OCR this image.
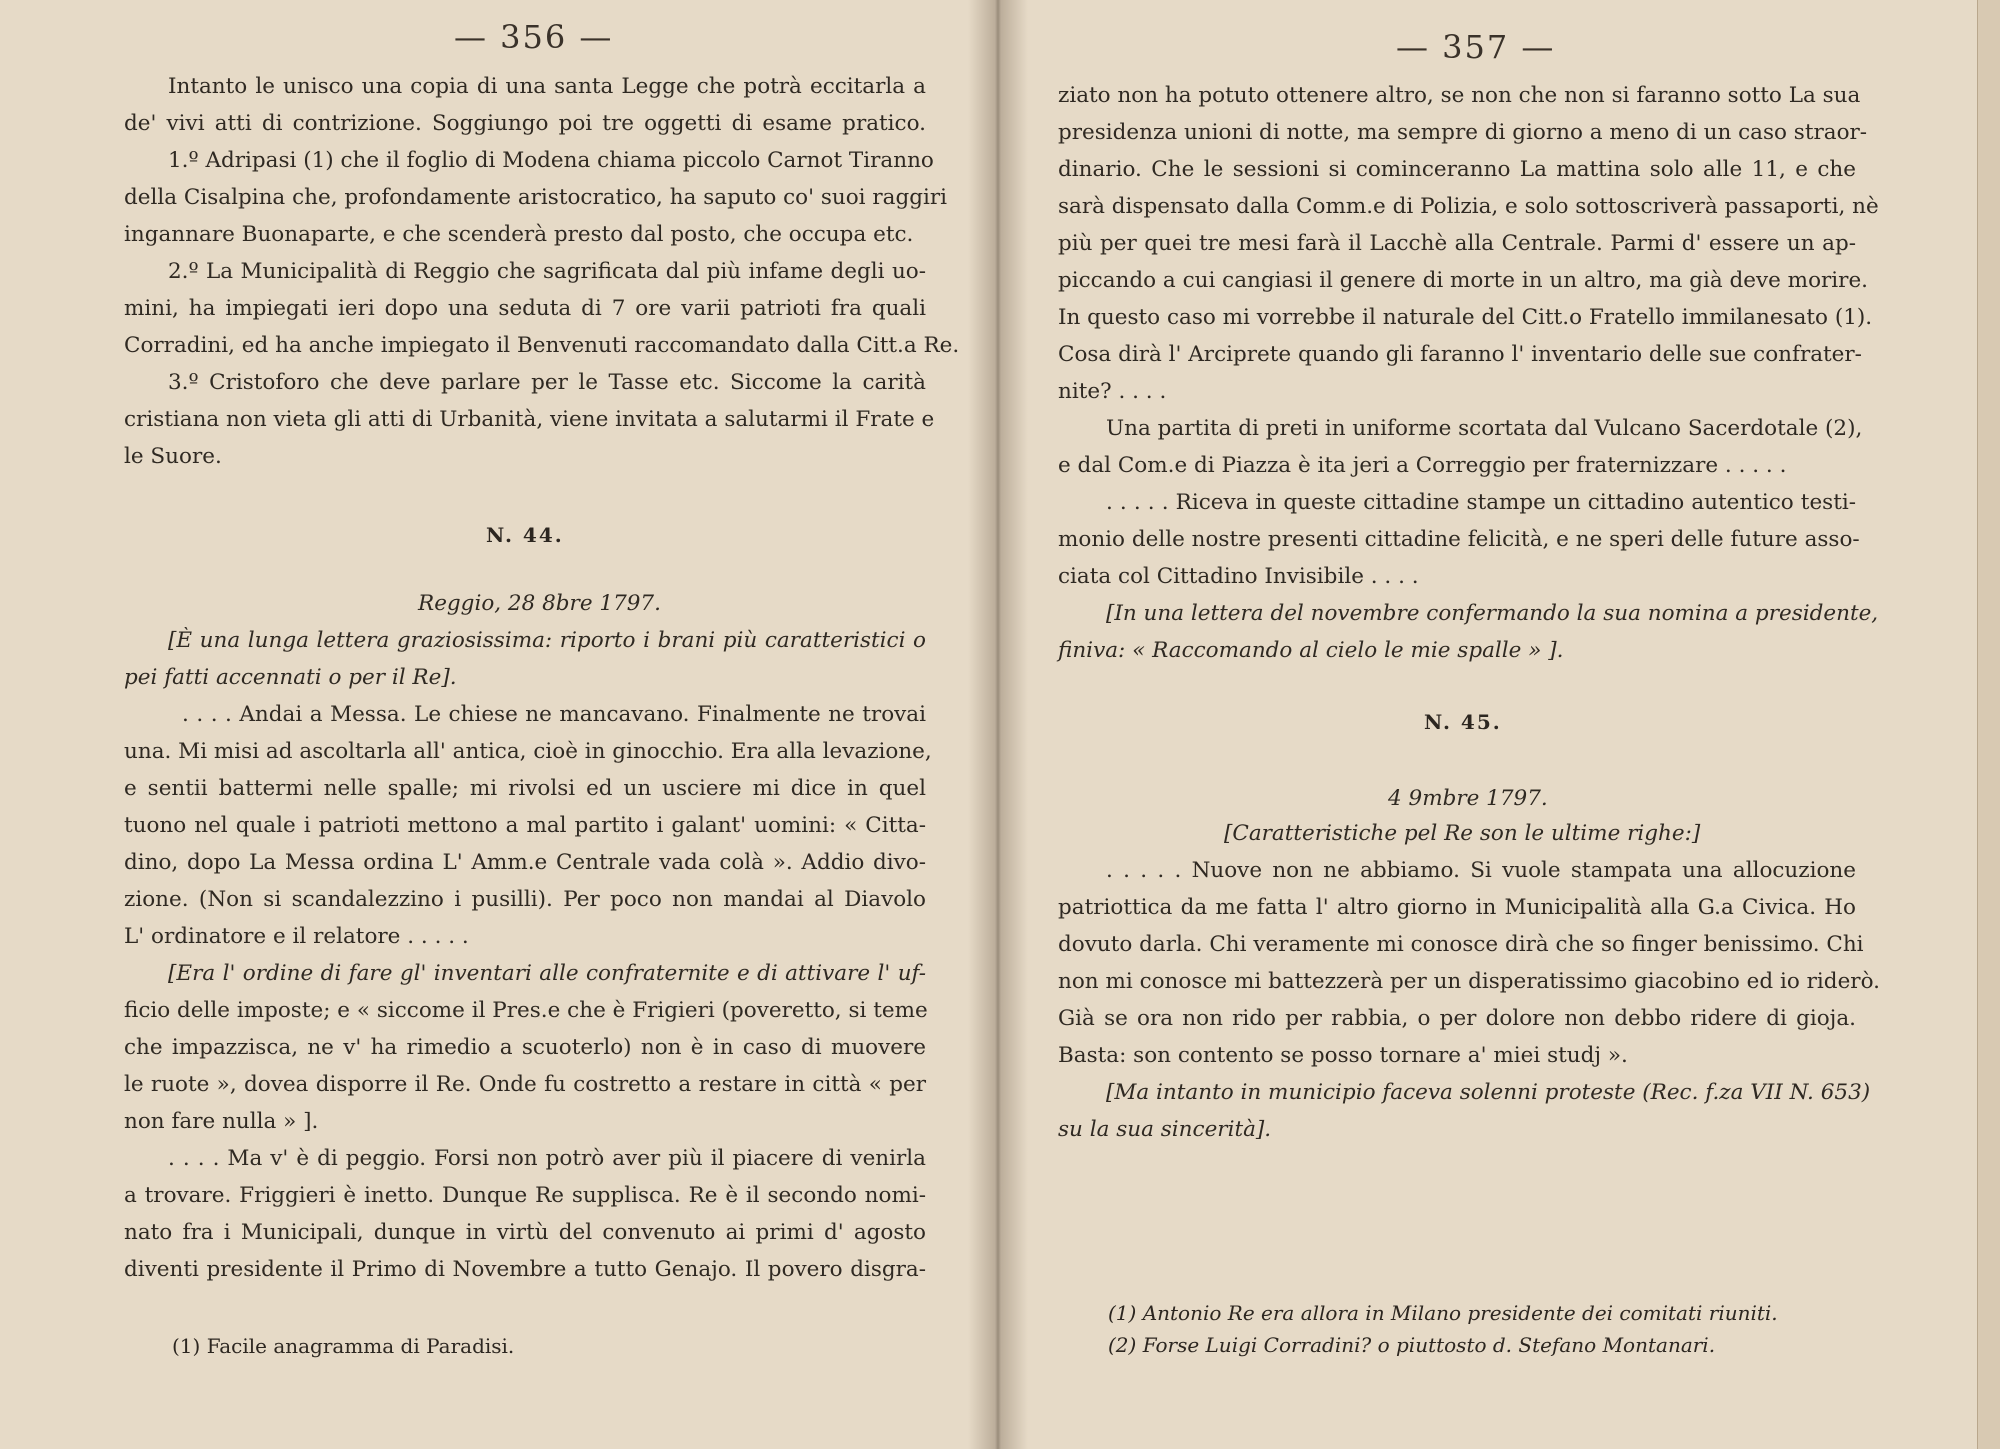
— 356 —
Intanto le unisco una copia di una santa Legge che potrà eccitarla a
de' vivi atti di contrizione. Soggiungo poi tre oggetti di esame pratico.
1.º Adripasi (1) che il foglio di Modena chiama piccolo Carnot Tiranno
della Cisalpina che, profondamente aristocratico, ha saputo co' suoi raggiri
ingannare Buonaparte, e che scenderà presto dal posto, che occupa etc.
2.º La Municipalità di Reggio che sagrificata dal più infame degli uo-
mini, ha impiegati ieri dopo una seduta di 7 ore varii patrioti fra quali
Corradini, ed ha anche impiegato il Benvenuti raccomandato dalla Citt.a Re.
3.º Cristoforo che deve parlare per le Tasse etc. Siccome la carità
cristiana non vieta gli atti di Urbanità, viene invitata a salutarmi il Frate e
le Suore.
N. 44.
Reggio, 28 8bre 1797.
[È una lunga lettera graziosissima: riporto i brani più caratteristici o
pei fatti accennati o per il Re].
. . . . Andai a Messa. Le chiese ne mancavano. Finalmente ne trovai
una. Mi misi ad ascoltarla all' antica, cioè in ginocchio. Era alla levazione,
e sentii battermi nelle spalle; mi rivolsi ed un usciere mi dice in quel
tuono nel quale i patrioti mettono a mal partito i galant' uomini: « Citta-
dino, dopo La Messa ordina L' Amm.e Centrale vada colà ». Addio divo-
zione. (Non si scandalezzino i pusilli). Per poco non mandai al Diavolo
L' ordinatore e il relatore . . . . .
[Era l' ordine di fare gl' inventari alle confraternite e di attivare l' uf-
ficio delle imposte; e « siccome il Pres.e che è Frigieri (poveretto, si teme
che impazzisca, ne v' ha rimedio a scuoterlo) non è in caso di muovere
le ruote », dovea disporre il Re. Onde fu costretto a restare in città « per
non fare nulla » ].
. . . . Ma v' è di peggio. Forsi non potrò aver più il piacere di venirla
a trovare. Friggieri è inetto. Dunque Re supplisca. Re è il secondo nomi-
nato fra i Municipali, dunque in virtù del convenuto ai primi d' agosto
diventi presidente il Primo di Novembre a tutto Genajo. Il povero disgra-
(1) Facile anagramma di Paradisi.
— 357 —
ziato non ha potuto ottenere altro, se non che non si faranno sotto La sua
presidenza unioni di notte, ma sempre di giorno a meno di un caso straor-
dinario. Che le sessioni si cominceranno La mattina solo alle 11, e che
sarà dispensato dalla Comm.e di Polizia, e solo sottoscriverà passaporti, nè
più per quei tre mesi farà il Lacchè alla Centrale. Parmi d' essere un ap-
piccando a cui cangiasi il genere di morte in un altro, ma già deve morire.
In questo caso mi vorrebbe il naturale del Citt.o Fratello immilanesato (1).
Cosa dirà l' Arciprete quando gli faranno l' inventario delle sue confrater-
nite? . . . .
Una partita di preti in uniforme scortata dal Vulcano Sacerdotale (2),
e dal Com.e di Piazza è ita jeri a Correggio per fraternizzare . . . . .
. . . . . Riceva in queste cittadine stampe un cittadino autentico testi-
monio delle nostre presenti cittadine felicità, e ne speri delle future asso-
ciata col Cittadino Invisibile . . . .
[In una lettera del novembre confermando la sua nomina a presidente,
finiva: « Raccomando al cielo le mie spalle » ].
N. 45.
4 9mbre 1797.
[Caratteristiche pel Re son le ultime righe:]
. . . . . Nuove non ne abbiamo. Si vuole stampata una allocuzione
patriottica da me fatta l' altro giorno in Municipalità alla G.a Civica. Ho
dovuto darla. Chi veramente mi conosce dirà che so finger benissimo. Chi
non mi conosce mi battezzerà per un disperatissimo giacobino ed io riderò.
Già se ora non rido per rabbia, o per dolore non debbo ridere di gioja.
Basta: son contento se posso tornare a' miei studj ».
[Ma intanto in municipio faceva solenni proteste (Rec. f.za VII N. 653)
su la sua sincerità].
(1) Antonio Re era allora in Milano presidente dei comitati riuniti.
(2) Forse Luigi Corradini? o piuttosto d. Stefano Montanari.
